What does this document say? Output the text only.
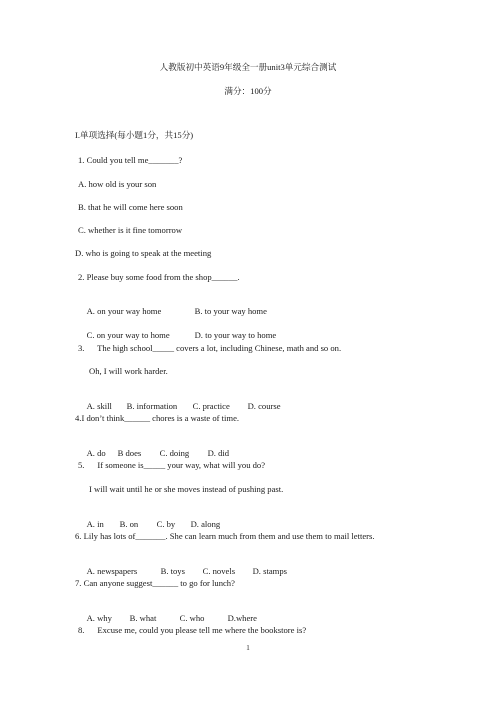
人教版初中英语9年级全一册unit3单元综合测试
满分：100分
I.单项选择(每小题1分，共15分)
1. Could you tell me_______?
A. how old is your son
B. that he will come here soon
C. whether is it fine tomorrow
D. who is going to speak at the meeting
2. Please buy some food from the shop______.

A. on your way home	B. to your way home

C. on your way to home	D. to your way to home

3.      The high school_____ covers a lot, including Chinese, math and so on.
Oh, I will work harder.

A. skill B. information C. practice D. course

4.I don’t think______ chores is a waste of time.

A. do B does C. doing D. did

5.      If someone is_____ your way, what will you do?
I will wait until he or she moves instead of pushing past.

A. in B. on C. by D. along

6. Lily has lots of_______. She can learn much from them and use them to mail letters.

A. newspapers	B. toys C. novels D. stamps

7. Can anyone suggest______ to go for lunch?

A. why B. what	C. who	D.where

8.      Excuse me, could you please tell me where the bookstore is?
1
